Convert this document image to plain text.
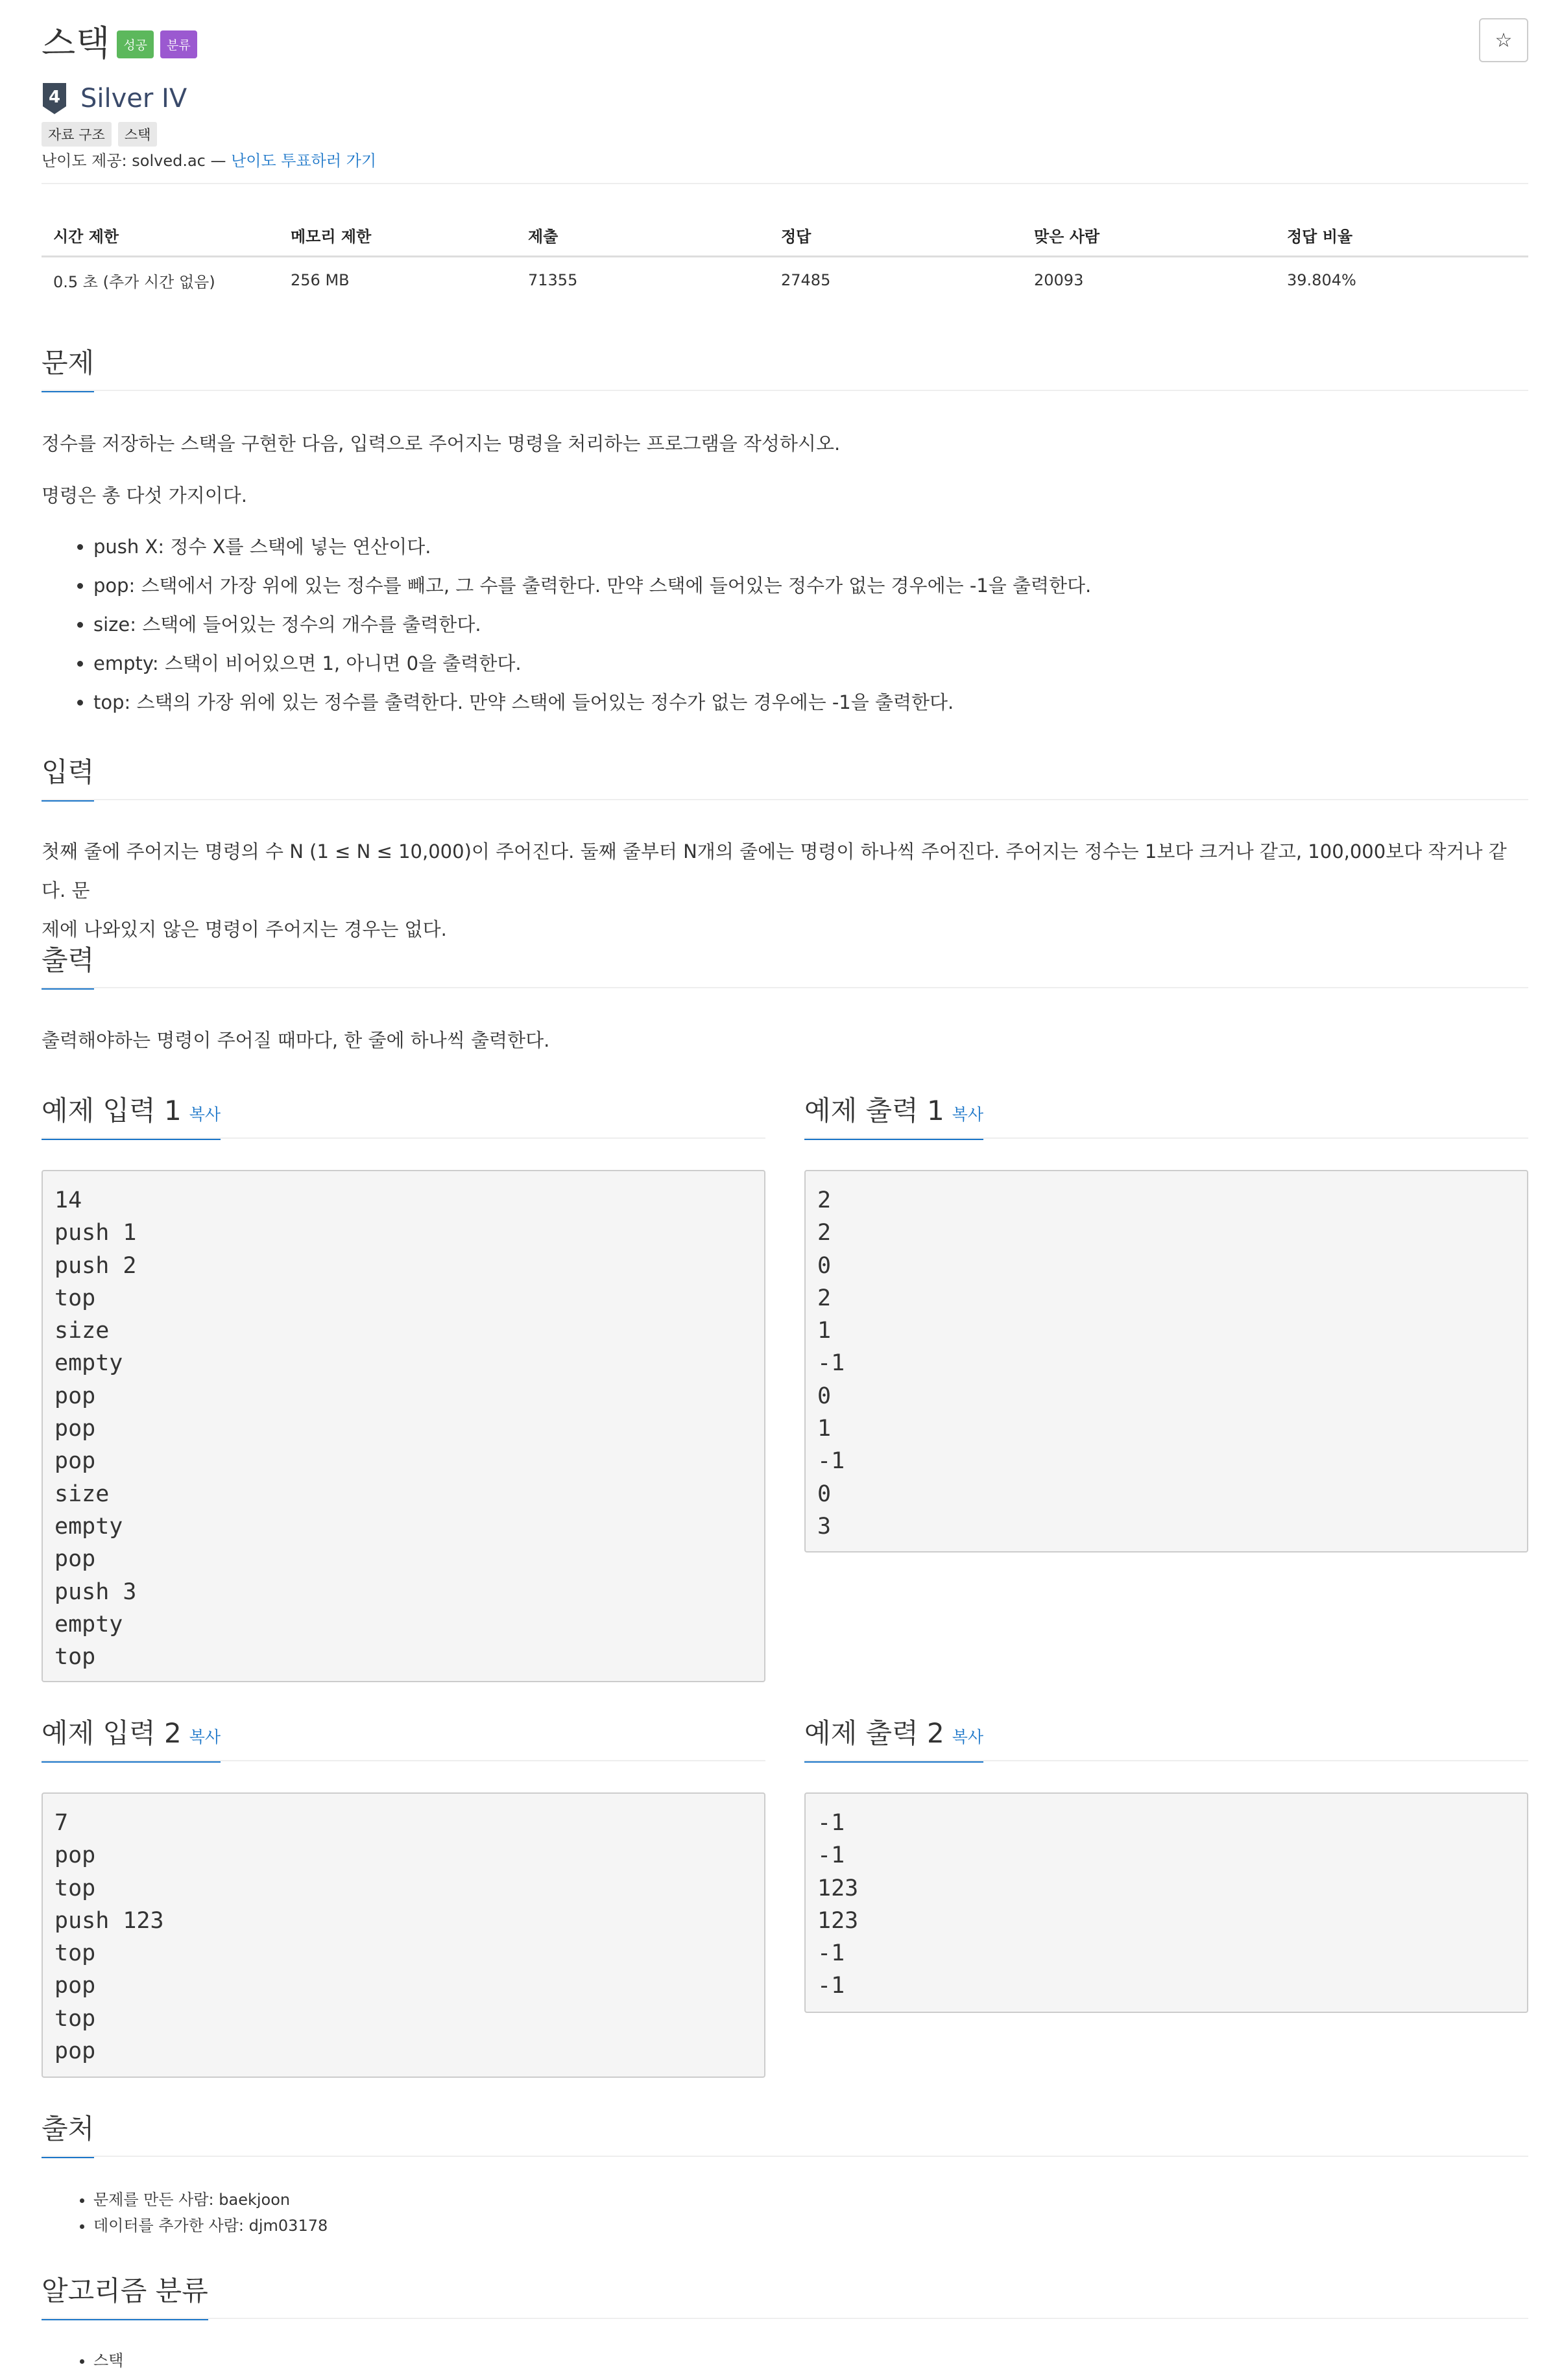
스택	성공	분류	☆
4 Silver IV
자료 구조	스택
난이도 제공: solved.ac — 난이도 투표하러 가기
시간 제한	메모리 제한	제출	정답	맞은 사람	정답 비율
0.5 초 (추가 시간 없음)	256 MB	71355	27485	20093	39.804%
문제
정수를 저장하는 스택을 구현한 다음, 입력으로 주어지는 명령을 처리하는 프로그램을 작성하시오.
명령은 총 다섯 가지이다.
• push X: 정수 X를 스택에 넣는 연산이다.
• pop: 스택에서 가장 위에 있는 정수를 빼고, 그 수를 출력한다. 만약 스택에 들어있는 정수가 없는 경우에는 -1을 출력한다.
• size: 스택에 들어있는 정수의 개수를 출력한다.
• empty: 스택이 비어있으면 1, 아니면 0을 출력한다.
• top: 스택의 가장 위에 있는 정수를 출력한다. 만약 스택에 들어있는 정수가 없는 경우에는 -1을 출력한다.
입력
첫째 줄에 주어지는 명령의 수 N (1 ≤ N ≤ 10,000)이 주어진다. 둘째 줄부터 N개의 줄에는 명령이 하나씩 주어진다. 주어지는 정수는 1보다 크거나 같고, 100,000보다 작거나 같다. 문
제에 나와있지 않은 명령이 주어지는 경우는 없다.
출력
출력해야하는 명령이 주어질 때마다, 한 줄에 하나씩 출력한다.
예제 입력 1 복사	예제 출력 1 복사
14
push 1
push 2
top
size
empty
pop
pop
pop
size
empty
pop
push 3
empty
top
2
2
0
2
1
-1
0
1
-1
0
3
예제 입력 2 복사	예제 출력 2 복사
7
pop
top
push 123
top
pop
top
pop
-1
-1
123
123
-1
-1
출처
• 문제를 만든 사람: baekjoon
• 데이터를 추가한 사람: djm03178
알고리즘 분류
• 스택
